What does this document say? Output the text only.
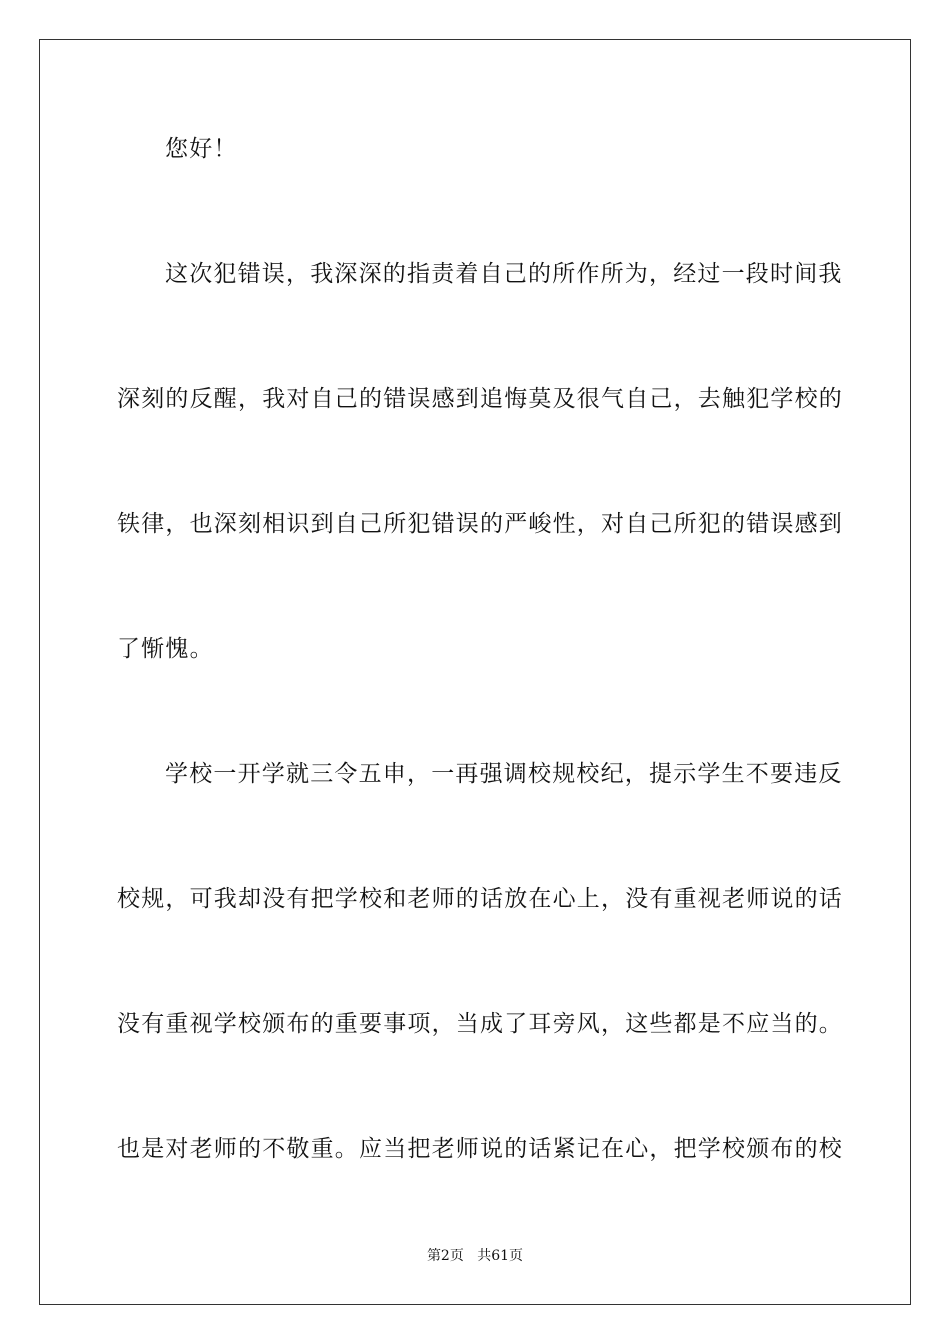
您好！
这次犯错误，我深深的指责着自己的所作所为，经过一段时间我
深刻的反醒，我对自己的错误感到追悔莫及很气自己，去触犯学校的
铁律，也深刻相识到自己所犯错误的严峻性，对自己所犯的错误感到
了惭愧。
学校一开学就三令五申，一再强调校规校纪，提示学生不要违反
校规，可我却没有把学校和老师的话放在心上，没有重视老师说的话
没有重视学校颁布的重要事项，当成了耳旁风，这些都是不应当的。
也是对老师的不敬重。应当把老师说的话紧记在心，把学校颁布的校
第2页 共61页
